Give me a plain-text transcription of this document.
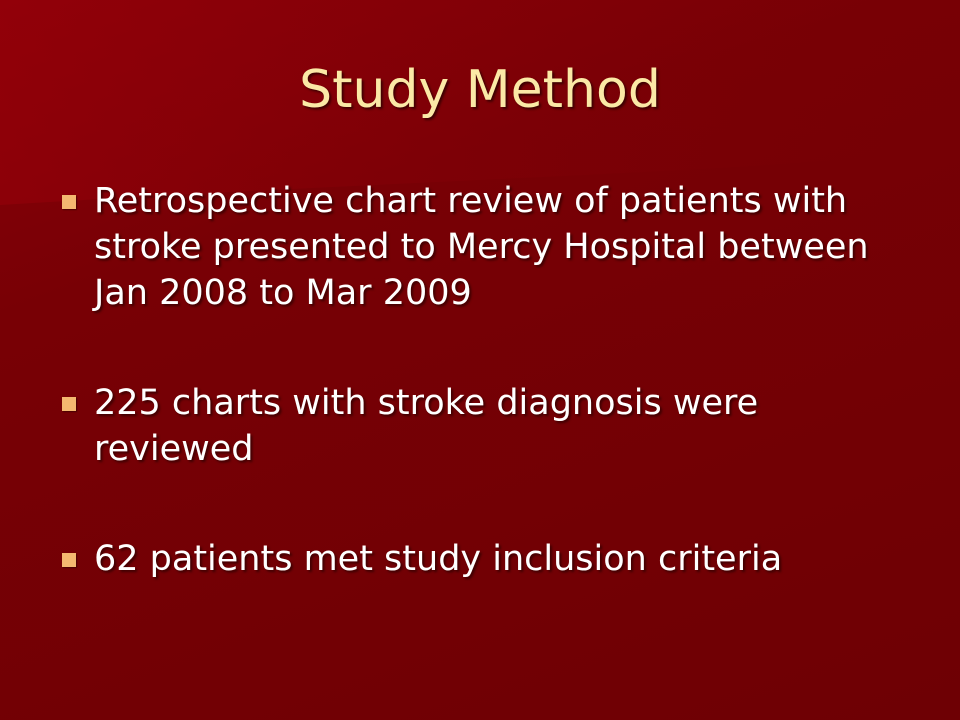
Study Method
Retrospective chart review of patients with stroke presented to Mercy Hospital between Jan 2008 to Mar 2009
225 charts with stroke diagnosis were reviewed
62 patients met study inclusion criteria
